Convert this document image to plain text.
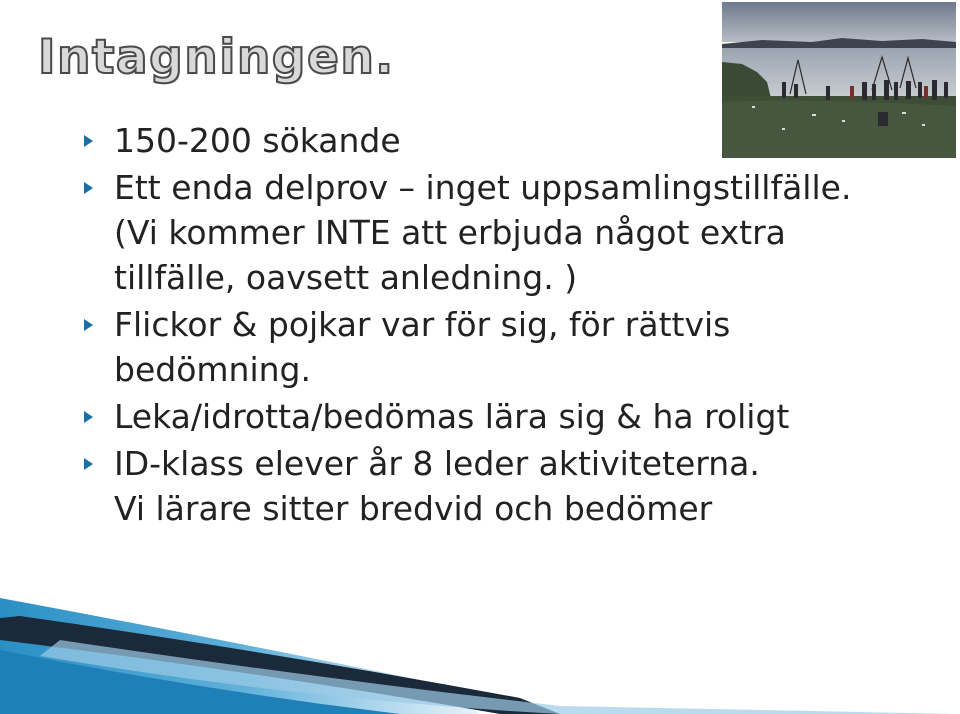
Intagningen.
150-200 sökande
Ett enda delprov – inget uppsamlingstillfälle.
(Vi kommer INTE att erbjuda något extra
tillfälle, oavsett anledning. )
Flickor & pojkar var för sig, för rättvis
bedömning.
Leka/idrotta/bedömas lära sig & ha roligt
ID-klass elever år 8 leder aktiviteterna.
Vi lärare sitter bredvid och bedömer
